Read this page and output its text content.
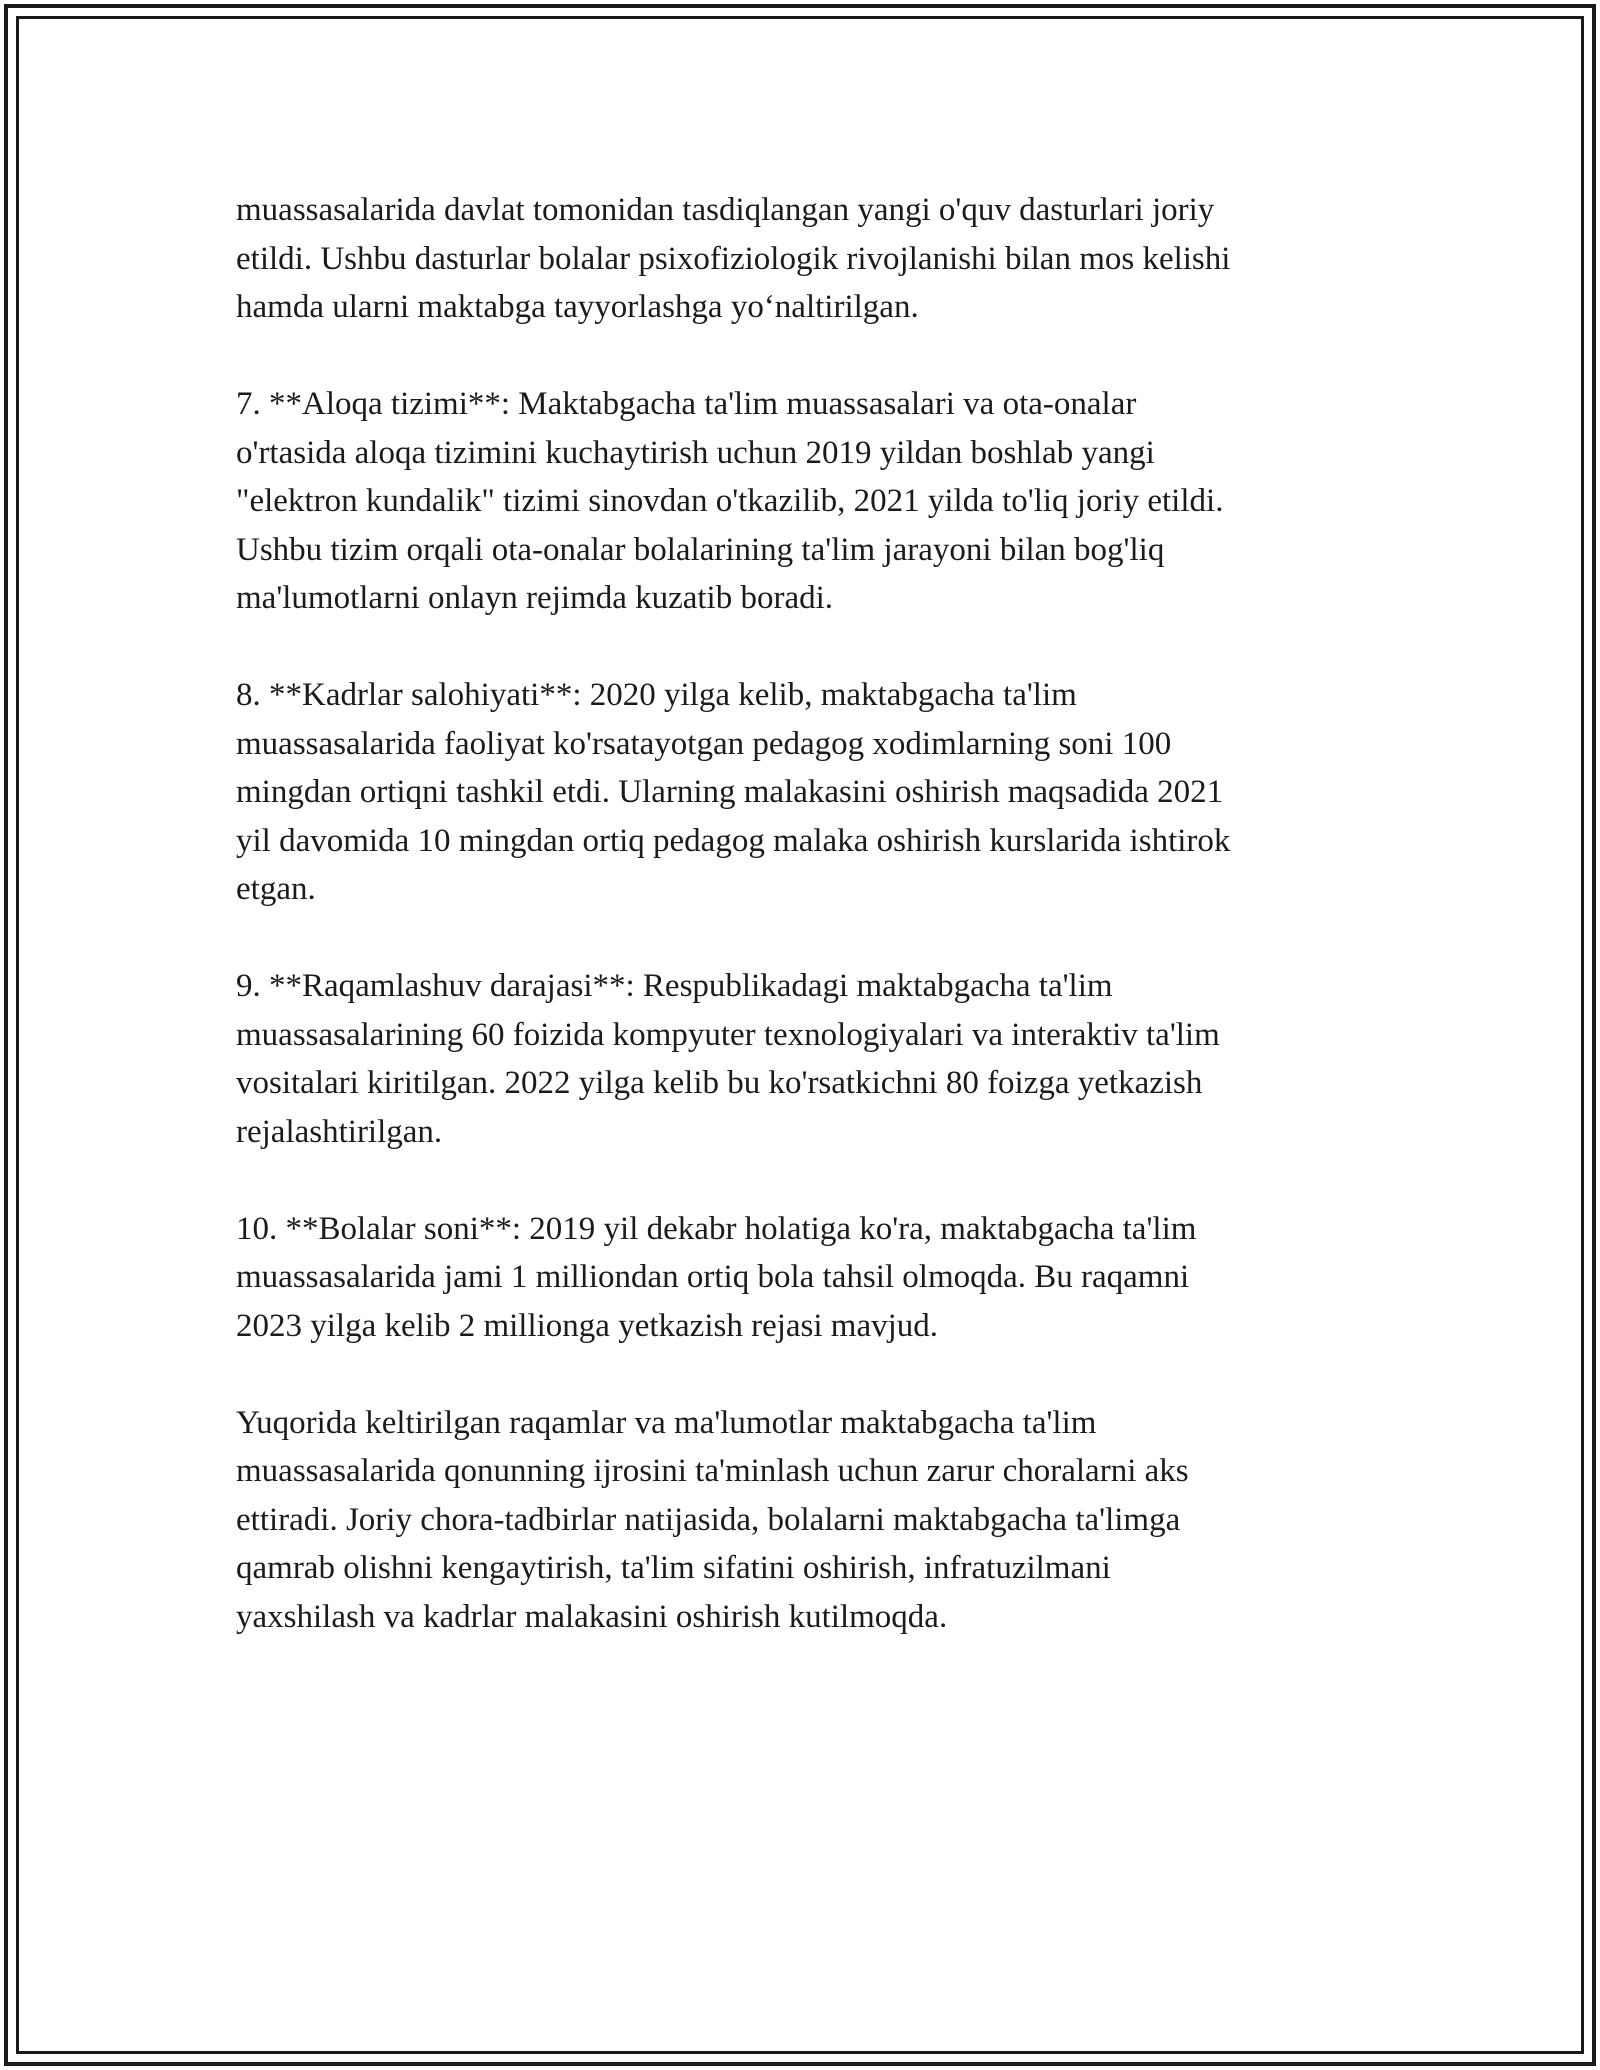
muassasalarida davlat tomonidan tasdiqlangan yangi o'quv dasturlari joriy
etildi. Ushbu dasturlar bolalar psixofiziologik rivojlanishi bilan mos kelishi
hamda ularni maktabga tayyorlashga yo‘naltirilgan.

7. **Aloqa tizimi**: Maktabgacha ta'lim muassasalari va ota-onalar
o'rtasida aloqa tizimini kuchaytirish uchun 2019 yildan boshlab yangi
"elektron kundalik" tizimi sinovdan o'tkazilib, 2021 yilda to'liq joriy etildi.
Ushbu tizim orqali ota-onalar bolalarining ta'lim jarayoni bilan bog'liq
ma'lumotlarni onlayn rejimda kuzatib boradi.

8. **Kadrlar salohiyati**: 2020 yilga kelib, maktabgacha ta'lim
muassasalarida faoliyat ko'rsatayotgan pedagog xodimlarning soni 100
mingdan ortiqni tashkil etdi. Ularning malakasini oshirish maqsadida 2021
yil davomida 10 mingdan ortiq pedagog malaka oshirish kurslarida ishtirok
etgan.

9. **Raqamlashuv darajasi**: Respublikadagi maktabgacha ta'lim
muassasalarining 60 foizida kompyuter texnologiyalari va interaktiv ta'lim
vositalari kiritilgan. 2022 yilga kelib bu ko'rsatkichni 80 foizga yetkazish
rejalashtirilgan.

10. **Bolalar soni**: 2019 yil dekabr holatiga ko'ra, maktabgacha ta'lim
muassasalarida jami 1 milliondan ortiq bola tahsil olmoqda. Bu raqamni
2023 yilga kelib 2 millionga yetkazish rejasi mavjud.

Yuqorida keltirilgan raqamlar va ma'lumotlar maktabgacha ta'lim
muassasalarida qonunning ijrosini ta'minlash uchun zarur choralarni aks
ettiradi. Joriy chora-tadbirlar natijasida, bolalarni maktabgacha ta'limga
qamrab olishni kengaytirish, ta'lim sifatini oshirish, infratuzilmani
yaxshilash va kadrlar malakasini oshirish kutilmoqda.
